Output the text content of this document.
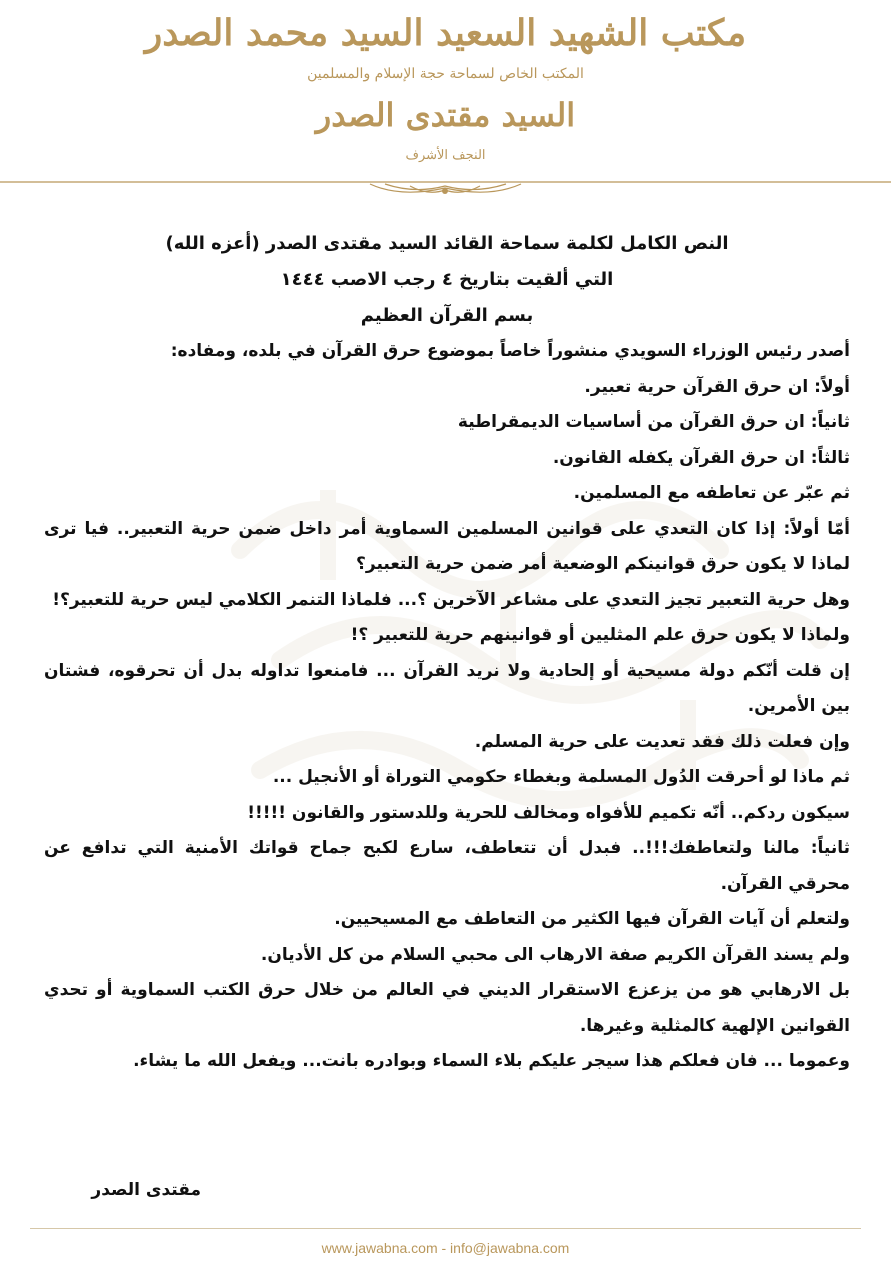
مكتب الشهيد السعيد السيد محمد الصدر
المكتب الخاص لسماحة حجة الإسلام والمسلمين
السيد مقتدى الصدر
النجف الأشرف
النص الكامل لكلمة سماحة القائد السيد مقتدى الصدر (أعزه الله)
التي ألقيت بتاريخ ٤ رجب الاصب ١٤٤٤
بسم القرآن العظيم
أصدر رئيس الوزراء السويدي منشوراً خاصاً بموضوع حرق القرآن في بلده، ومفاده:
أولاً: ان حرق القرآن حرية تعبير.
ثانياً: ان حرق القرآن من أساسيات الديمقراطية
ثالثاً: ان حرق القرآن يكفله القانون.
ثم عبّر عن تعاطفه مع المسلمين.
أمّا أولاً: إذا كان التعدي على قوانين المسلمين السماوية أمر داخل ضمن حرية التعبير.. فيا ترى لماذا لا يكون حرق قوانينكم الوضعية أمر ضمن حرية التعبير؟
وهل حرية التعبير تجيز التعدي على مشاعر الآخرين ؟... فلماذا التنمر الكلامي ليس حرية للتعبير؟!
ولماذا لا يكون حرق علم المثليين أو قوانينهم حرية للتعبير ؟!
إن قلت أنّكم دولة مسيحية أو إلحادية ولا نريد القرآن ... فامنعوا تداوله بدل أن تحرقوه، فشتان بين الأمرين.
وإن فعلت ذلك فقد تعديت على حرية المسلم.
ثم ماذا لو أحرقت الدُول المسلمة وبغطاء حكومي التوراة أو الأنجيل ...
سيكون ردكم.. أنّه تكميم للأفواه ومخالف للحرية وللدستور والقانون !!!!!
ثانياً: مالنا ولتعاطفك!!!.. فبدل أن تتعاطف، سارع لكبح جماح قواتك الأمنية التي تدافع عن محرقي القرآن.
ولتعلم أن آيات القرآن فيها الكثير من التعاطف مع المسيحيين.
ولم يسند القرآن الكريم صفة الارهاب الى محبي السلام من كل الأديان.
بل الارهابي هو من يزعزع الاستقرار الديني في العالم من خلال حرق الكتب السماوية أو تحدي القوانين الإلهية كالمثلية وغيرها.
وعموما ... فان فعلكم هذا سيجر عليكم بلاء السماء وبوادره بانت... ويفعل الله ما يشاء.
مقتدى الصدر
www.jawabna.com - info@jawabna.com
